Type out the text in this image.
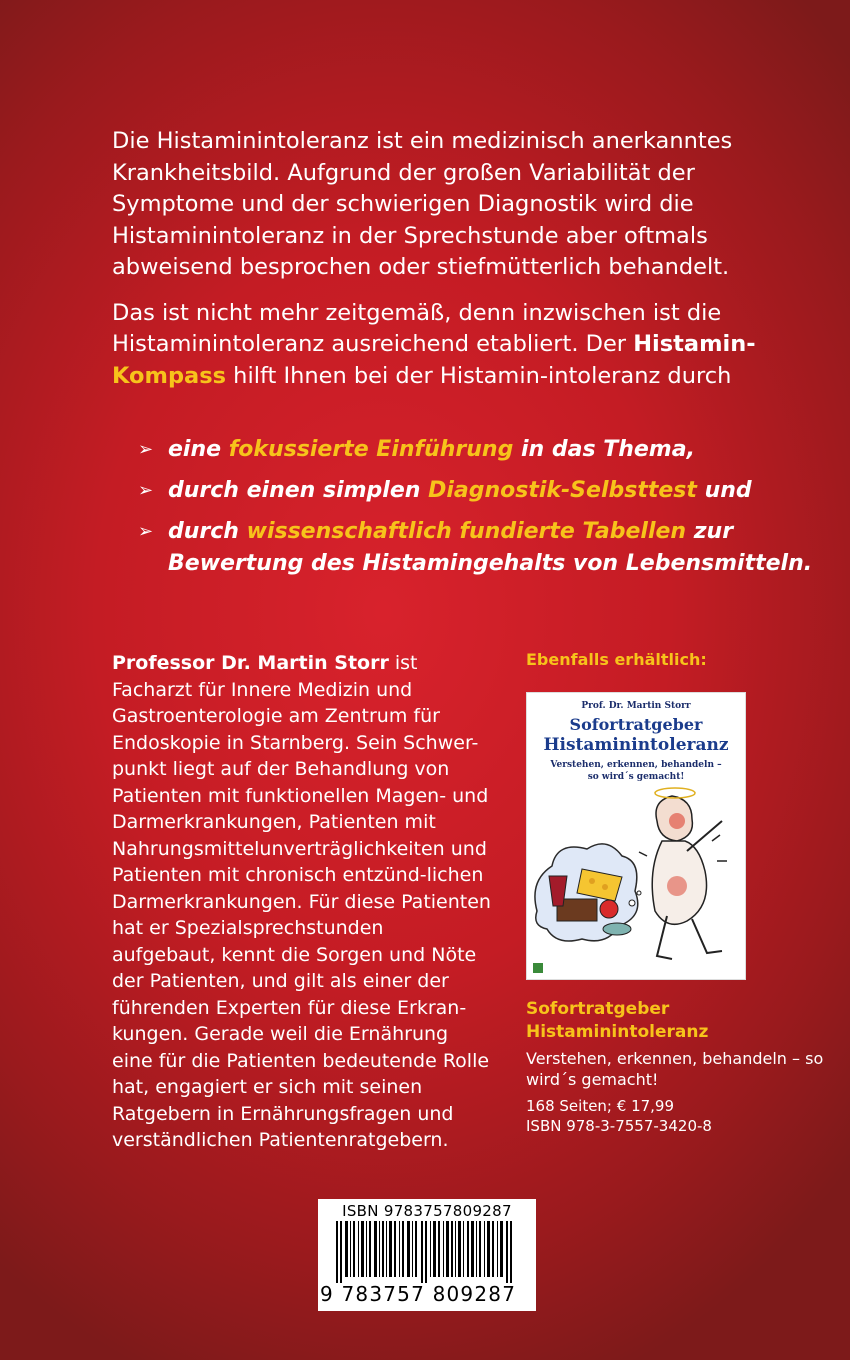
Die Histaminintoleranz ist ein medizinisch anerkanntes Krankheitsbild. Aufgrund der großen Variabilität der Symptome und der schwierigen Diagnostik wird die Histaminintoleranz in der Sprechstunde aber oftmals abweisend besprochen oder stiefmütterlich behandelt.

Das ist nicht mehr zeitgemäß, denn inzwischen ist die Histaminintoleranz ausreichend etabliert. Der Histamin-Kompass hilft Ihnen bei der Histamin-intoleranz durch

➢ eine fokussierte Einführung in das Thema,
➢ durch einen simplen Diagnostik-Selbsttest und
➢ durch wissenschaftlich fundierte Tabellen zur Bewertung des Histamingehalts von Lebensmitteln.
Professor Dr. Martin Storr ist Facharzt für Innere Medizin und Gastroenterologie am Zentrum für Endoskopie in Starnberg. Sein Schwer-punkt liegt auf der Behandlung von Patienten mit funktionellen Magen- und Darmerkrankungen, Patienten mit Nahrungsmittelunverträglichkeiten und Patienten mit chronisch entzünd-lichen Darmerkrankungen. Für diese Patienten hat er Spezialsprechstunden aufgebaut, kennt die Sorgen und Nöte der Patienten, und gilt als einer der führenden Experten für diese Erkran-kungen. Gerade weil die Ernährung eine für die Patienten bedeutende Rolle hat, engagiert er sich mit seinen Ratgebern in Ernährungsfragen und verständlichen Patientenratgebern.
Ebenfalls erhältlich:
Prof. Dr. Martin Storr
Sofortratgeber
Histaminintoleranz
Verstehen, erkennen, behandeln –
so wird´s gemacht!
Sofortratgeber
Histaminintoleranz
Verstehen, erkennen, behandeln – so wird´s gemacht!
168 Seiten; € 17,99
ISBN 978-3-7557-3420-8
ISBN 9783757809287
9 783757 809287
